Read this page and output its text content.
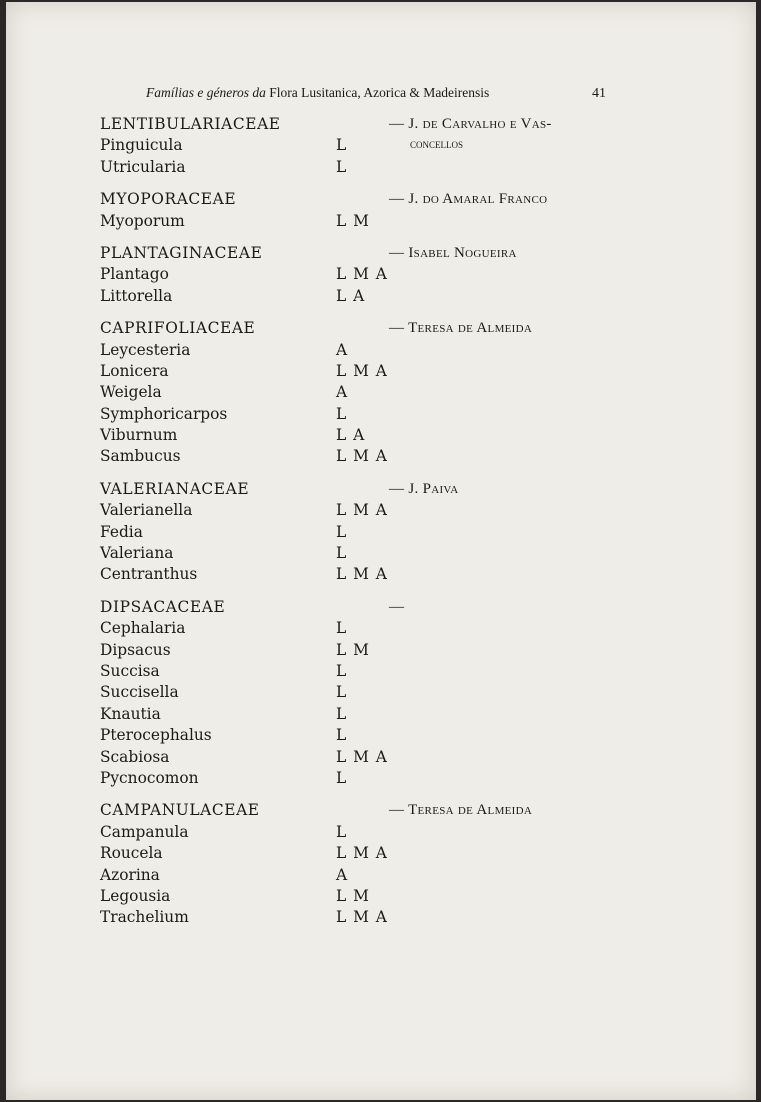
Famílias e géneros da Flora Lusitanica, Azorica & Madeirensis	41
LENTIBULARIACEAE	— J. de Carvalho e Vas-
concellos
Pinguicula	L
Utricularia	L
MYOPORACEAE	— J. do Amaral Franco
Myoporum	L M
PLANTAGINACEAE	— Isabel Nogueira
Plantago	L M A
Littorella	L A
CAPRIFOLIACEAE	— Teresa de Almeida
Leycesteria	A
Lonicera	L M A
Weigela	A
Symphoricarpos	L
Viburnum	L A
Sambucus	L M A
VALERIANACEAE	— J. Paiva
Valerianella	L M A
Fedia	L
Valeriana	L
Centranthus	L M A
DIPSACACEAE	—
Cephalaria	L
Dipsacus	L M
Succisa	L
Succisella	L
Knautia	L
Pterocephalus	L
Scabiosa	L M A
Pycnocomon	L
CAMPANULACEAE	— Teresa de Almeida
Campanula	L
Roucela	L M A
Azorina	A
Legousia	L M
Trachelium	L M A
